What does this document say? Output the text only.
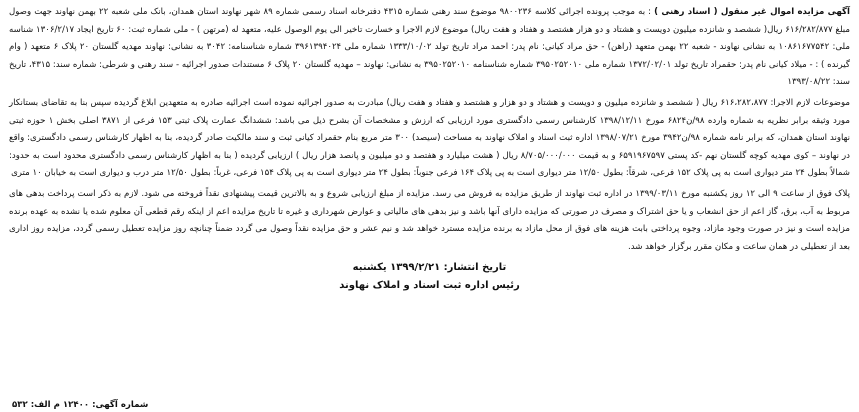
آگهی مزایده اموال غیر منقول ( اسناد رهنی ) : به موجب پرونده اجرائی کلاسه ۹۸۰۰۲۳۶ موضوع سند رهنی شماره ۴۳۱۵ دفترخانه اسناد رسمی شماره ۸۹ شهر نهاوند استان همدان، بانک ملی شعبه ۲۲ بهمن نهاوند جهت وصول مبلغ ۶۱۶/۲۸۲/۸۷۷ ریال( ششصد و شانزده میلیون دویست و هشتاد و دو هزار هشتصد و هفتاد و هفت ریال) موضوع لازم الاجرا و خسارت تاخیر الی یوم الوصول علیه، متعهد له (مرتهن ) - ملی شماره ثبت: ۶۰ تاریخ ایجاد ۱۳۰۶/۲/۱۷ شناسه ملی: ۱۰۸۶۱۶۷۷۵۴۲ به نشانی نهاوند - شعبه ۲۲ بهمن متعهد (راهن) - حق مراد کیانی: نام پدر: احمد مراد تاریخ تولد ۱۳۳۳/۱۰/۰۲ شماره ملی ۳۹۶۱۳۹۴۰۲۴ شماره شناسنامه: ۳۰۴۲ به نشانی: نهاوند مهدیه گلستان ۲۰ پلاک ۶ متعهد ( وام گیرنده ) : - میلاد کیانی نام پدر: حقمراد تاریخ تولد ۱۳۷۲/۰۲/۰۱ شماره ملی ۳۹۵۰۲۵۲۰۱۰ شماره شناسنامه ۳۹۵۰۲۵۲۰۱۰ به نشانی: نهاوند – مهدیه گلستان ۲۰ پلاک ۶ مستندات صدور اجرائیه - سند رهنی و شرطی: شماره سند: ۴۳۱۵، تاریخ سند: ۱۳۹۳/۰۸/۲۲

موضوعات لازم الاجرا: ۶۱۶،۲۸۲،۸۷۷ ریال ( ششصد و شانزده میلیون و دویست و هشتاد و دو هزار و هشتصد و هفتاد و هفت ریال) مبادرت به صدور اجرائیه نموده است اجرائیه صادره به متعهدین ابلاغ گردیده سپس بنا به تقاضای بستانکار مورد وثیقه برابر نظریه به شماره وارده ۹۸/ن۶۸۲۴ مورخ ۱۳۹۸/۱۲/۱۱ کارشناس رسمی دادگستری مورد ارزیابی که ارزش و مشخصات آن بشرح ذیل می باشد: ششدانگ عمارت پلاک ثبتی ۱۵۳ فرعی از ۳۸۷۱ اصلی بخش ۱ حوزه ثبتی نهاوند استان همدان، که برابر نامه شماره ۹۸/ن۳۹۴۲ مورخ ۱۳۹۸/۰۷/۲۱ اداره ثبت اسناد و املاک نهاوند به مساحت (سیصد) ۳۰۰ متر مربع بنام حقمراد کیانی ثبت و سند مالکیت صادر گردیده، بنا به اظهار کارشناس رسمی دادگستری: واقع در نهاوند – کوی مهدیه کوچه گلستان نهم -کد پستی ۶۵۹۱۹۶۷۵۹۷ و به قیمت ۸/۷۰۵/۰۰۰/۰۰۰ ریال ( هشت میلیارد و هفتصد و دو میلیون و پانصد هزار ریال ) ارزیابی گردیده ( بنا به اظهار کارشناس رسمی دادگستری محدود است به حدود: شمالاً بطول ۲۴ متر دیواری است به پی پلاک ۱۵۲ فرعی، شرقاً: بطول ۱۲/۵۰ متر دیواری است به پی پلاک ۱۶۴ فرعی جنوباً: بطول ۲۴ متر دیواری است به پی پلاک ۱۵۴ فرعی، غرباً: بطول ۱۲/۵۰ متر درب و دیواری است به خیابان ۱۰ متری

پلاک فوق از ساعت ۹ الی ۱۲ روز یکشنبه مورخ ۱۳۹۹/۰۳/۱۱ در اداره ثبت نهاوند از طریق مزایده به فروش می رسد. مزایده از مبلغ ارزیابی شروع و به بالاترین قیمت پیشنهادی نقداً فروخته می شود. لازم به ذکر است پرداخت بدهی های مربوط به آب، برق، گاز اعم از حق انشعاب و یا حق اشتراک و مصرف در صورتی که مزایده دارای آنها باشد و نیز بدهی های مالیاتی و عوارض شهرداری و غیره تا تاریخ مزایده اعم از اینکه رقم قطعی آن معلوم شده یا نشده به عهده برنده مزایده است و نیز در صورت وجود مازاد، وجوه پرداختی بابت هزینه های فوق از محل مازاد به برنده مزایده مسترد خواهد شد و نیم عشر و حق مزایده نقداً وصول می گردد ضمناً چنانچه روز مزایده تعطیل رسمی گردد، مزایده روز اداری بعد از تعطیلی در همان ساعت و مکان مقرر برگزار خواهد شد.

تاریخ انتشار: ۱۳۹۹/۲/۲۱ یکشنبه

رئیس اداره ثبت اسناد و املاک نهاوند

شماره آگهی: ۱۲۴۰۰ م الف: ۵۳۲
